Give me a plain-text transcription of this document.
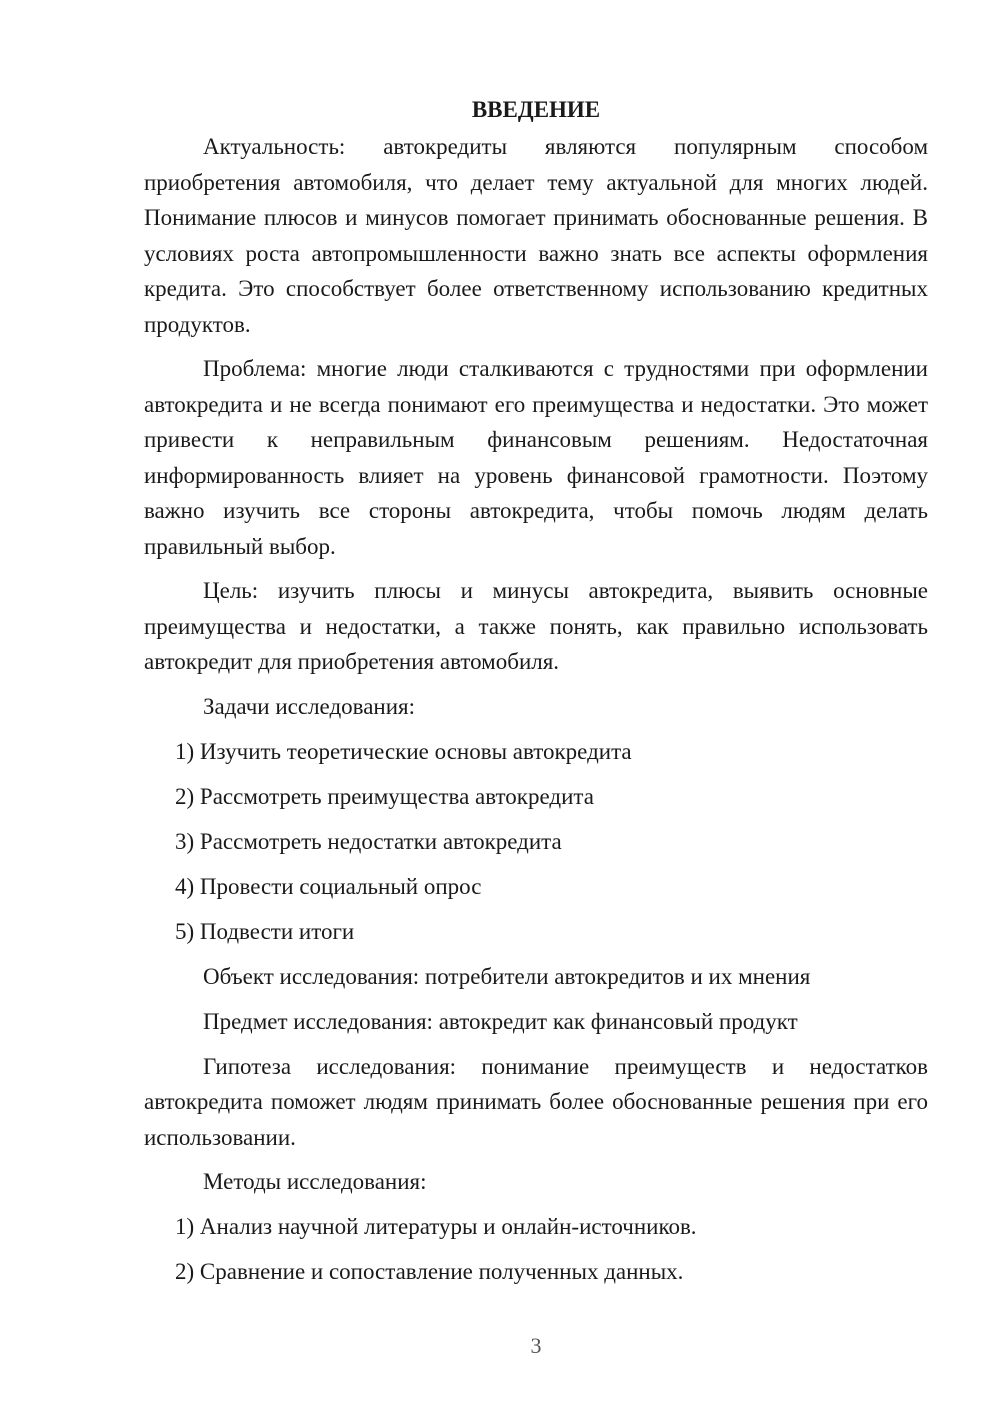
ВВЕДЕНИЕ

Актуальность: автокредиты являются популярным способом приобретения автомобиля, что делает тему актуальной для многих людей. Понимание плюсов и минусов помогает принимать обоснованные решения. В условиях роста автопромышленности важно знать все аспекты оформления кредита. Это способствует более ответственному использованию кредитных продуктов.

Проблема: многие люди сталкиваются с трудностями при оформлении автокредита и не всегда понимают его преимущества и недостатки. Это может привести к неправильным финансовым решениям. Недостаточная информированность влияет на уровень финансовой грамотности. Поэтому важно изучить все стороны автокредита, чтобы помочь людям делать правильный выбор.

Цель: изучить плюсы и минусы автокредита, выявить основные преимущества и недостатки, а также понять, как правильно использовать автокредит для приобретения автомобиля.

Задачи исследования:
1) Изучить теоретические основы автокредита
2) Рассмотреть преимущества автокредита
3) Рассмотреть недостатки автокредита
4) Провести социальный опрос
5) Подвести итоги
Объект исследования: потребители автокредитов и их мнения
Предмет исследования: автокредит как финансовый продукт

Гипотеза исследования: понимание преимуществ и недостатков автокредита поможет людям принимать более обоснованные решения при его использовании.

Методы исследования:
1) Анализ научной литературы и онлайн-источников.
2) Сравнение и сопоставление полученных данных.
3
